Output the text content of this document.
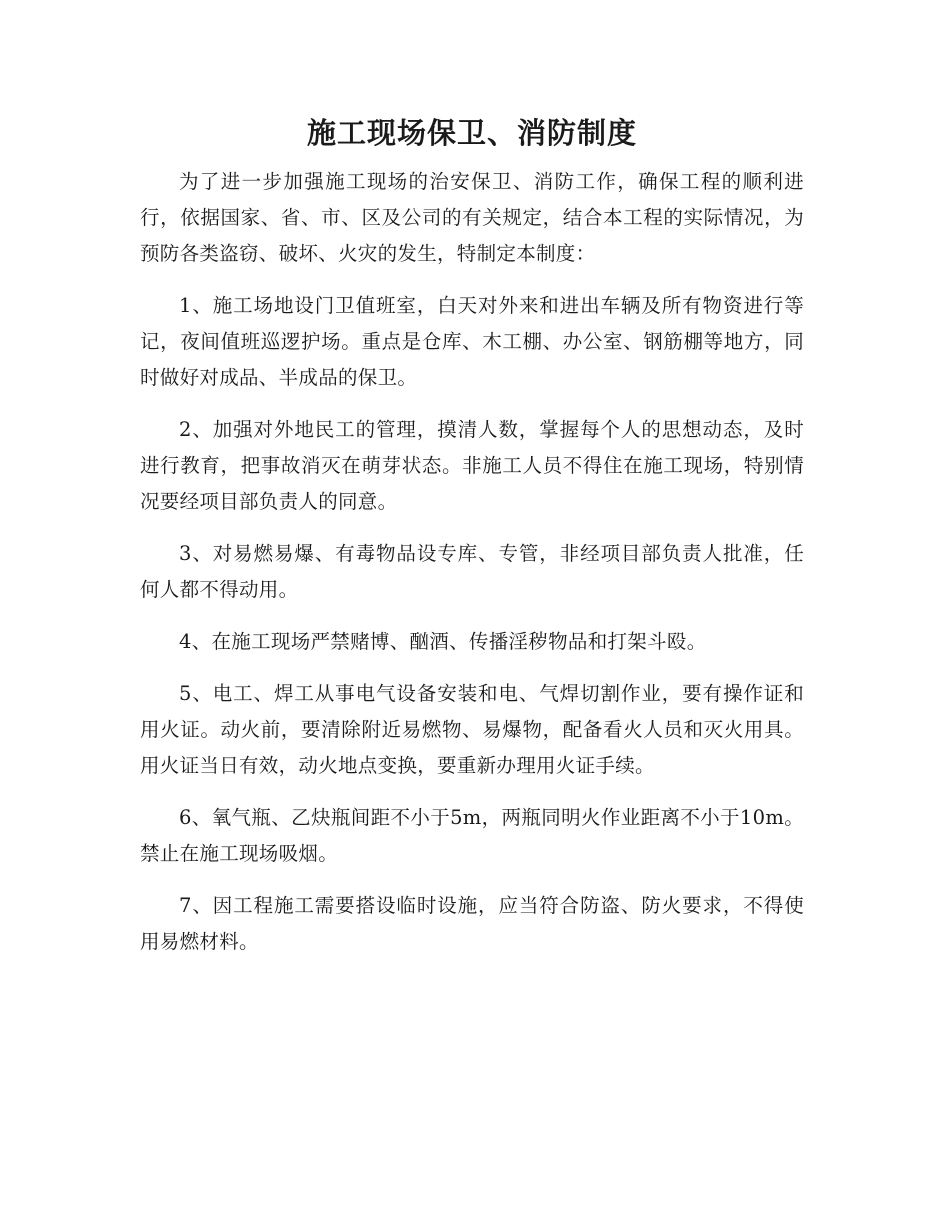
施工现场保卫、消防制度

为了进一步加强施工现场的治安保卫、消防工作，确保工程的顺利进行，依据国家、省、市、区及公司的有关规定，结合本工程的实际情况，为预防各类盗窃、破坏、火灾的发生，特制定本制度：

1、施工场地设门卫值班室，白天对外来和进出车辆及所有物资进行等记，夜间值班巡逻护场。重点是仓库、木工棚、办公室、钢筋棚等地方，同时做好对成品、半成品的保卫。

2、加强对外地民工的管理，摸清人数，掌握每个人的思想动态，及时进行教育，把事故消灭在萌芽状态。非施工人员不得住在施工现场，特别情况要经项目部负责人的同意。

3、对易燃易爆、有毒物品设专库、专管，非经项目部负责人批准，任何人都不得动用。

4、在施工现场严禁赌博、酗酒、传播淫秽物品和打架斗殴。

5、电工、焊工从事电气设备安装和电、气焊切割作业，要有操作证和用火证。动火前，要清除附近易燃物、易爆物，配备看火人员和灭火用具。用火证当日有效，动火地点变换，要重新办理用火证手续。

6、氧气瓶、乙炔瓶间距不小于5m，两瓶同明火作业距离不小于10m。禁止在施工现场吸烟。

7、因工程施工需要搭设临时设施，应当符合防盗、防火要求，不得使用易燃材料。
